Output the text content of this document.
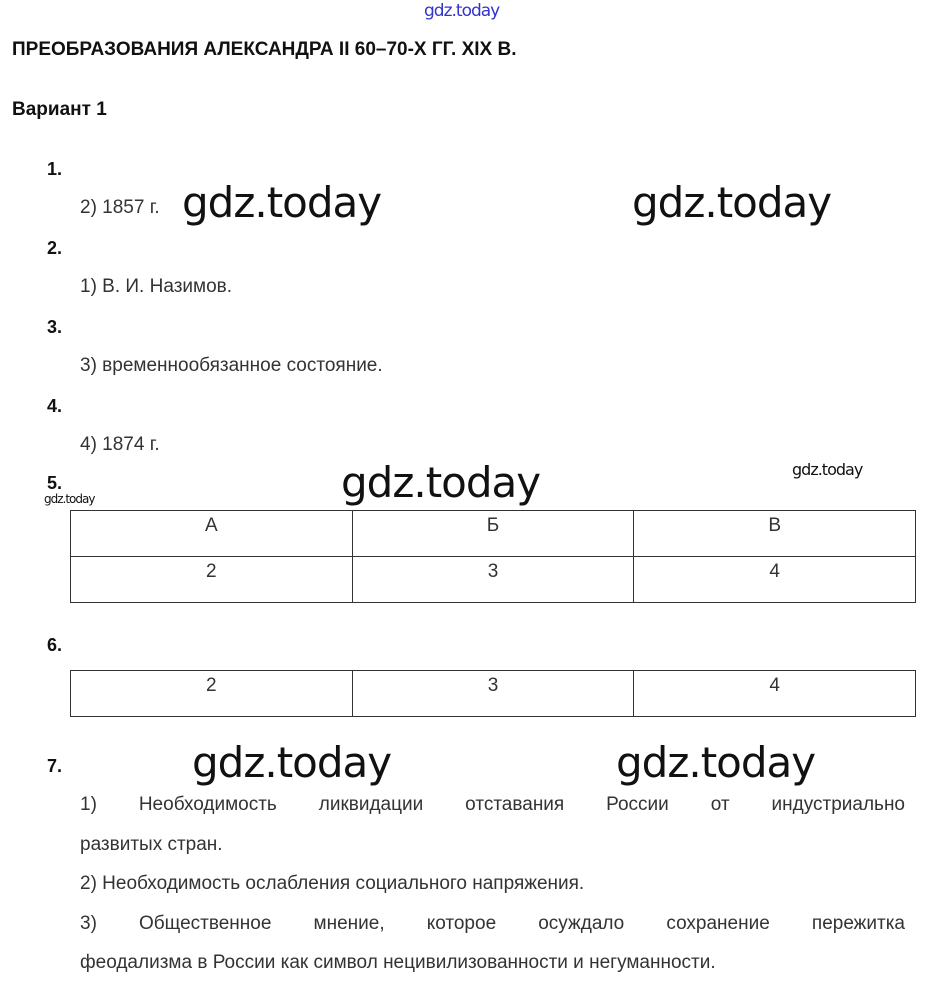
gdz.today
ПРЕОБРАЗОВАНИЯ АЛЕКСАНДРА II 60–70-Х ГГ. XIX В.
Вариант 1
1.
2) 1857 г. gdz.today	gdz.today
2.
1) В. И. Назимов.
3.
3) временнообязанное состояние.
4.
4) 1874 г.
5.
gdz.today	gdz.today	gdz.today
А	Б	В
2	3	4
6.
2	3	4
7.	gdz.today	gdz.today
1) Необходимость ликвидации отставания России от индустриально
развитых стран.
2) Необходимость ослабления социального напряжения.
3) Общественное мнение, которое осуждало сохранение пережитка
феодализма в России как символ нецивилизованности и негуманности.
